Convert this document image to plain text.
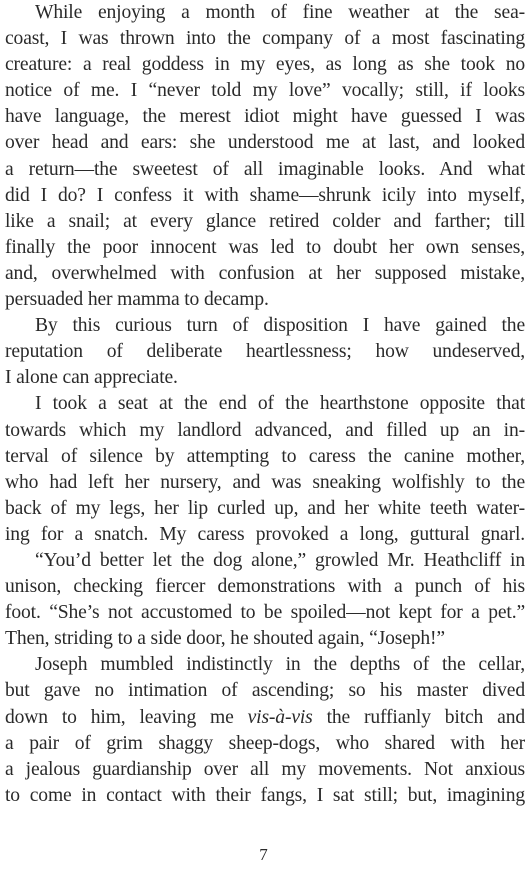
While enjoying a month of fine weather at the sea-
coast, I was thrown into the company of a most fascinating
creature: a real goddess in my eyes, as long as she took no
notice of me. I “never told my love” vocally; still, if looks
have language, the merest idiot might have guessed I was
over head and ears: she understood me at last, and looked
a return—the sweetest of all imaginable looks. And what
did I do? I confess it with shame—shrunk icily into myself,
like a snail; at every glance retired colder and farther; till
finally the poor innocent was led to doubt her own senses,
and, overwhelmed with confusion at her supposed mistake,
persuaded her mamma to decamp.
By this curious turn of disposition I have gained the
reputation of deliberate heartlessness; how undeserved,
I alone can appreciate.
I took a seat at the end of the hearthstone opposite that
towards which my landlord advanced, and filled up an in-
terval of silence by attempting to caress the canine mother,
who had left her nursery, and was sneaking wolfishly to the
back of my legs, her lip curled up, and her white teeth water-
ing for a snatch. My caress provoked a long, guttural gnarl.
“You’d better let the dog alone,” growled Mr. Heathcliff in
unison, checking fiercer demonstrations with a punch of his
foot. “She’s not accustomed to be spoiled—not kept for a pet.”
Then, striding to a side door, he shouted again, “Joseph!”
Joseph mumbled indistinctly in the depths of the cellar,
but gave no intimation of ascending; so his master dived
down to him, leaving me vis-à-vis the ruffianly bitch and
a pair of grim shaggy sheep-dogs, who shared with her
a jealous guardianship over all my movements. Not anxious
to come in contact with their fangs, I sat still; but, imagining
7
